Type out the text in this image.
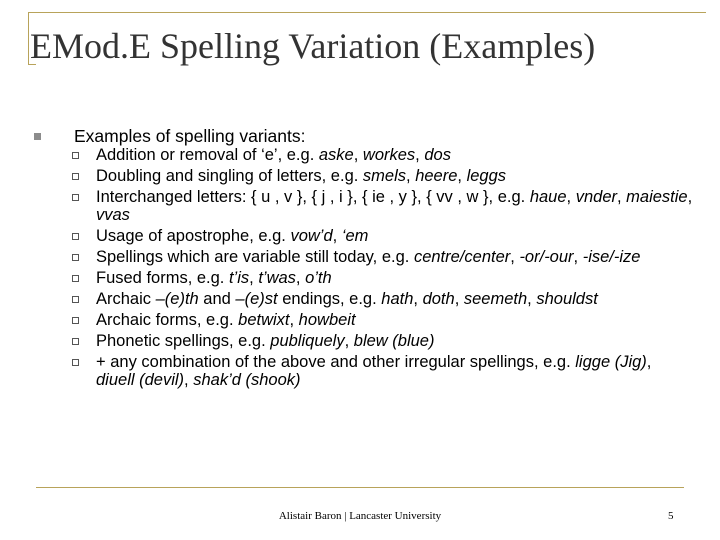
EMod.E Spelling Variation (Examples)

Examples of spelling variants:

Addition or removal of ‘e’, e.g. aske, workes, dos
Doubling and singling of letters, e.g. smels, heere, leggs
Interchanged letters: { u , v }, { j , i }, { ie , y }, { vv , w }, e.g. haue, vnder, maiestie, vvas
Usage of apostrophe, e.g. vow’d, ‘em
Spellings which are variable still today, e.g. centre/center, -or/-our, -ise/-ize
Fused forms, e.g. t’is, t’was, o’th
Archaic –(e)th and –(e)st endings, e.g. hath, doth, seemeth, shouldst
Archaic forms, e.g. betwixt, howbeit
Phonetic spellings, e.g. publiquely, blew (blue)
+ any combination of the above and other irregular spellings, e.g. ligge (Jig), diuell (devil), shak’d (shook)
Alistair Baron | Lancaster University	5
